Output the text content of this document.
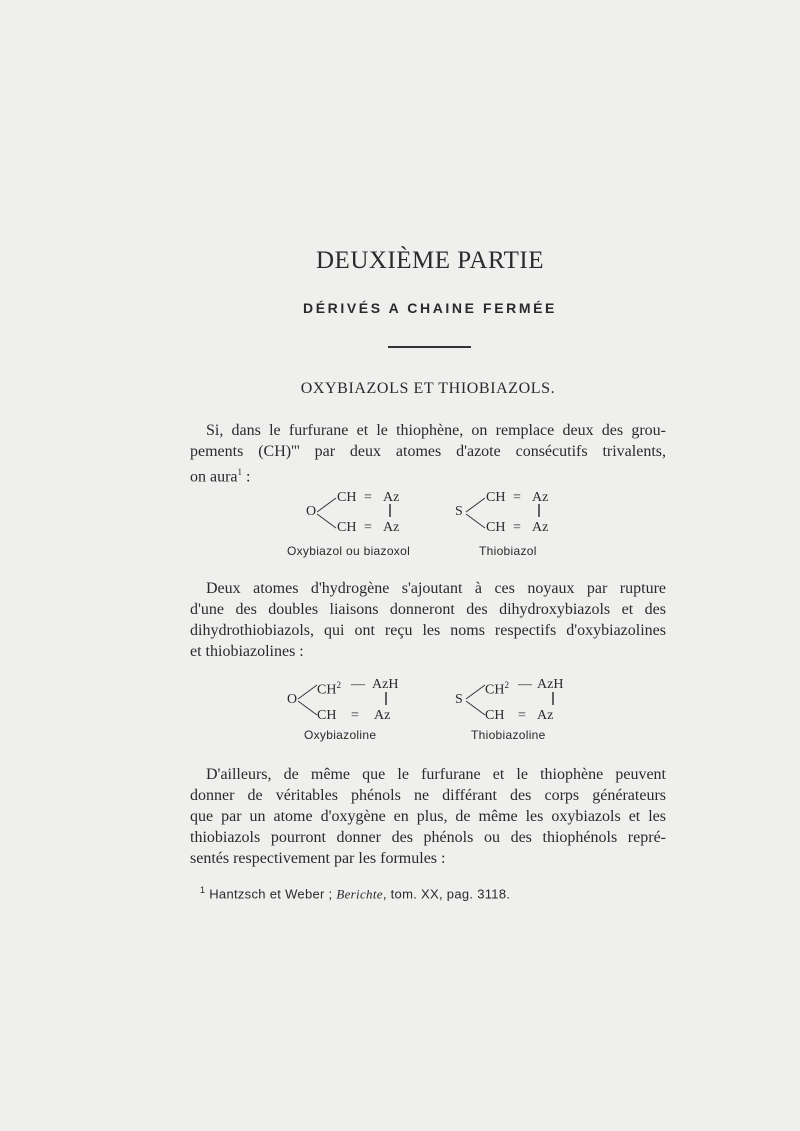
DEUXIÈME PARTIE
DÉRIVÉS A CHAINE FERMÉE
OXYBIAZOLS ET THIOBIAZOLS.
Si, dans le furfurane et le thiophène, on remplace deux des grou-
pements (CH)''' par deux atomes d'azote consécutifs trivalents,
on aura$^1$ :
O
CH = Az
CH = Az
Oxybiazol ou biazoxol
S
CH = Az
CH = Az
Thiobiazol
Deux atomes d'hydrogène s'ajoutant à ces noyaux par rupture
d'une des doubles liaisons donneront des dihydroxybiazols et des
dihydrothiobiazols, qui ont reçu les noms respectifs d'oxybiazolines
et thiobiazolines :
O
$CH^2$ — AzH
CH = Az
Oxybiazoline
S
$CH^2$ — AzH
CH = Az
Thiobiazoline
D'ailleurs, de même que le furfurane et le thiophène peuvent
donner de véritables phénols ne différant des corps générateurs
que par un atome d'oxygène en plus, de même les oxybiazols et les
thiobiazols pourront donner des phénols ou des thiophénols repré-
sentés respectivement par les formules :
$^1$ Hantzsch et Weber ; Berichte, tom. XX, pag. 3118.
